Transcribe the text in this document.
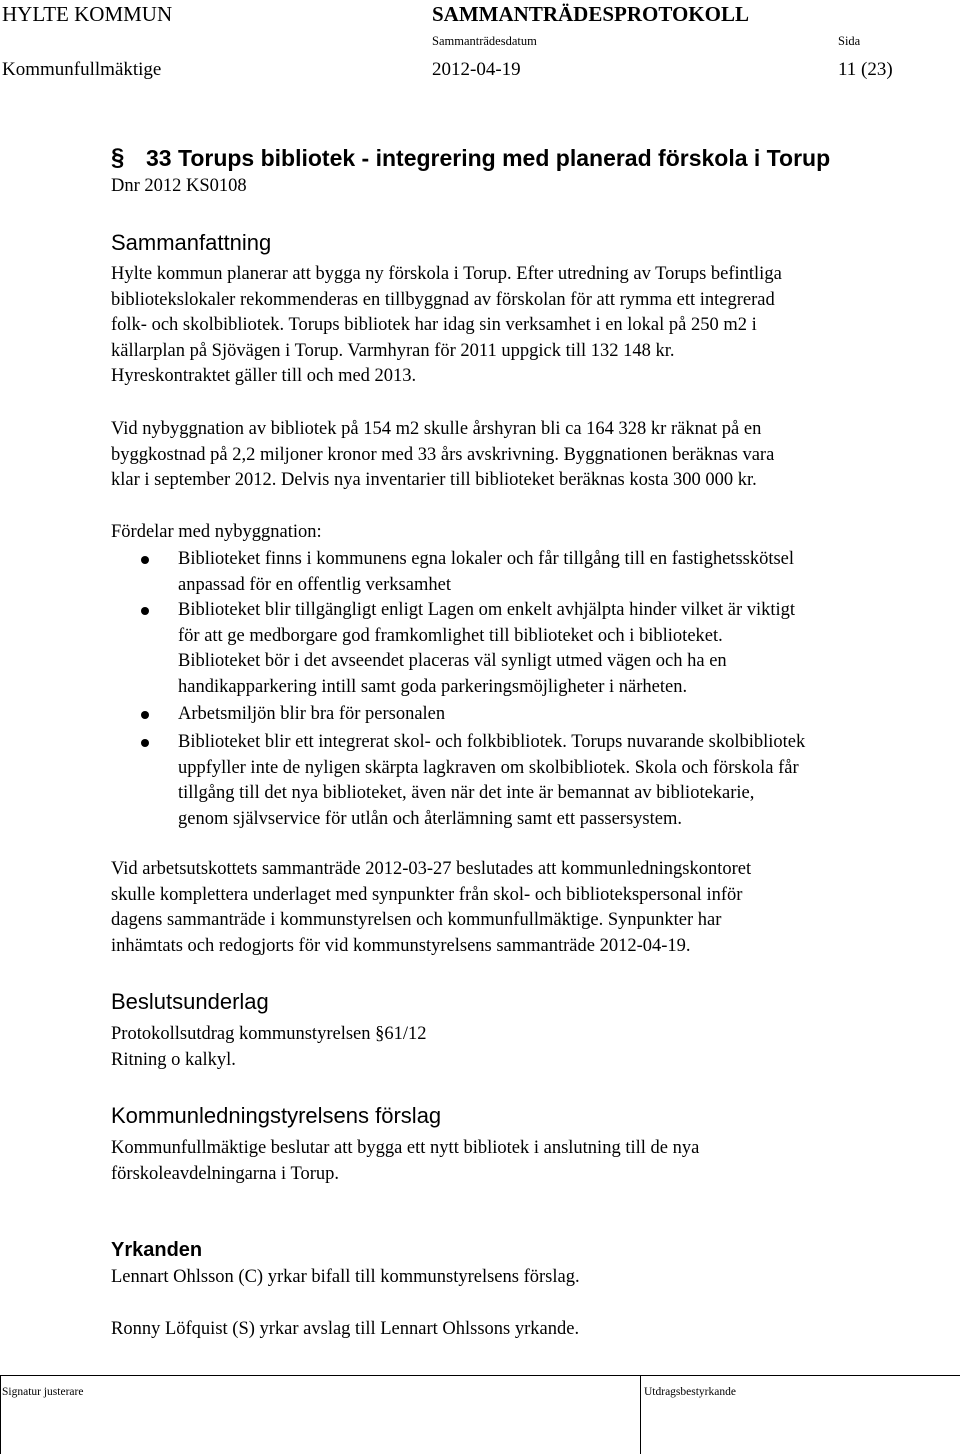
HYLTE KOMMUN	SAMMANTRÄDESPROTOKOLL
Sammanträdesdatum	Sida
Kommunfullmäktige	2012-04-19	11 (23)
§ 33 Torups bibliotek - integrering med planerad förskola i Torup
Dnr 2012 KS0108
Sammanfattning
Hylte kommun planerar att bygga ny förskola i Torup. Efter utredning av Torups befintliga
bibliotekslokaler rekommenderas en tillbyggnad av förskolan för att rymma ett integrerad
folk- och skolbibliotek. Torups bibliotek har idag sin verksamhet i en lokal på 250 m2 i
källarplan på Sjövägen i Torup. Varmhyran för 2011 uppgick till 132 148 kr.
Hyreskontraktet gäller till och med 2013.
Vid nybyggnation av bibliotek på 154 m2 skulle årshyran bli ca 164 328 kr räknat på en
byggkostnad på 2,2 miljoner kronor med 33 års avskrivning. Byggnationen beräknas vara
klar i september 2012. Delvis nya inventarier till biblioteket beräknas kosta 300 000 kr.
Fördelar med nybyggnation:
Biblioteket finns i kommunens egna lokaler och får tillgång till en fastighetsskötsel
anpassad för en offentlig verksamhet
Biblioteket blir tillgängligt enligt Lagen om enkelt avhjälpta hinder vilket är viktigt
för att ge medborgare god framkomlighet till biblioteket och i biblioteket.
Biblioteket bör i det avseendet placeras väl synligt utmed vägen och ha en
handikapparkering intill samt goda parkeringsmöjligheter i närheten.
Arbetsmiljön blir bra för personalen
Biblioteket blir ett integrerat skol- och folkbibliotek. Torups nuvarande skolbibliotek
uppfyller inte de nyligen skärpta lagkraven om skolbibliotek. Skola och förskola får
tillgång till det nya biblioteket, även när det inte är bemannat av bibliotekarie,
genom självservice för utlån och återlämning samt ett passersystem.
Vid arbetsutskottets sammanträde 2012-03-27 beslutades att kommunledningskontoret
skulle komplettera underlaget med synpunkter från skol- och bibliotekspersonal inför
dagens sammanträde i kommunstyrelsen och kommunfullmäktige. Synpunkter har
inhämtats och redogjorts för vid kommunstyrelsens sammanträde 2012-04-19.
Beslutsunderlag
Protokollsutdrag kommunstyrelsen §61/12
Ritning o kalkyl.
Kommunledningstyrelsens förslag
Kommunfullmäktige beslutar att bygga ett nytt bibliotek i anslutning till de nya
förskoleavdelningarna i Torup.
Yrkanden
Lennart Ohlsson (C) yrkar bifall till kommunstyrelsens förslag.
Ronny Löfquist (S) yrkar avslag till Lennart Ohlssons yrkande.
Signatur justerare	Utdragsbestyrkande
